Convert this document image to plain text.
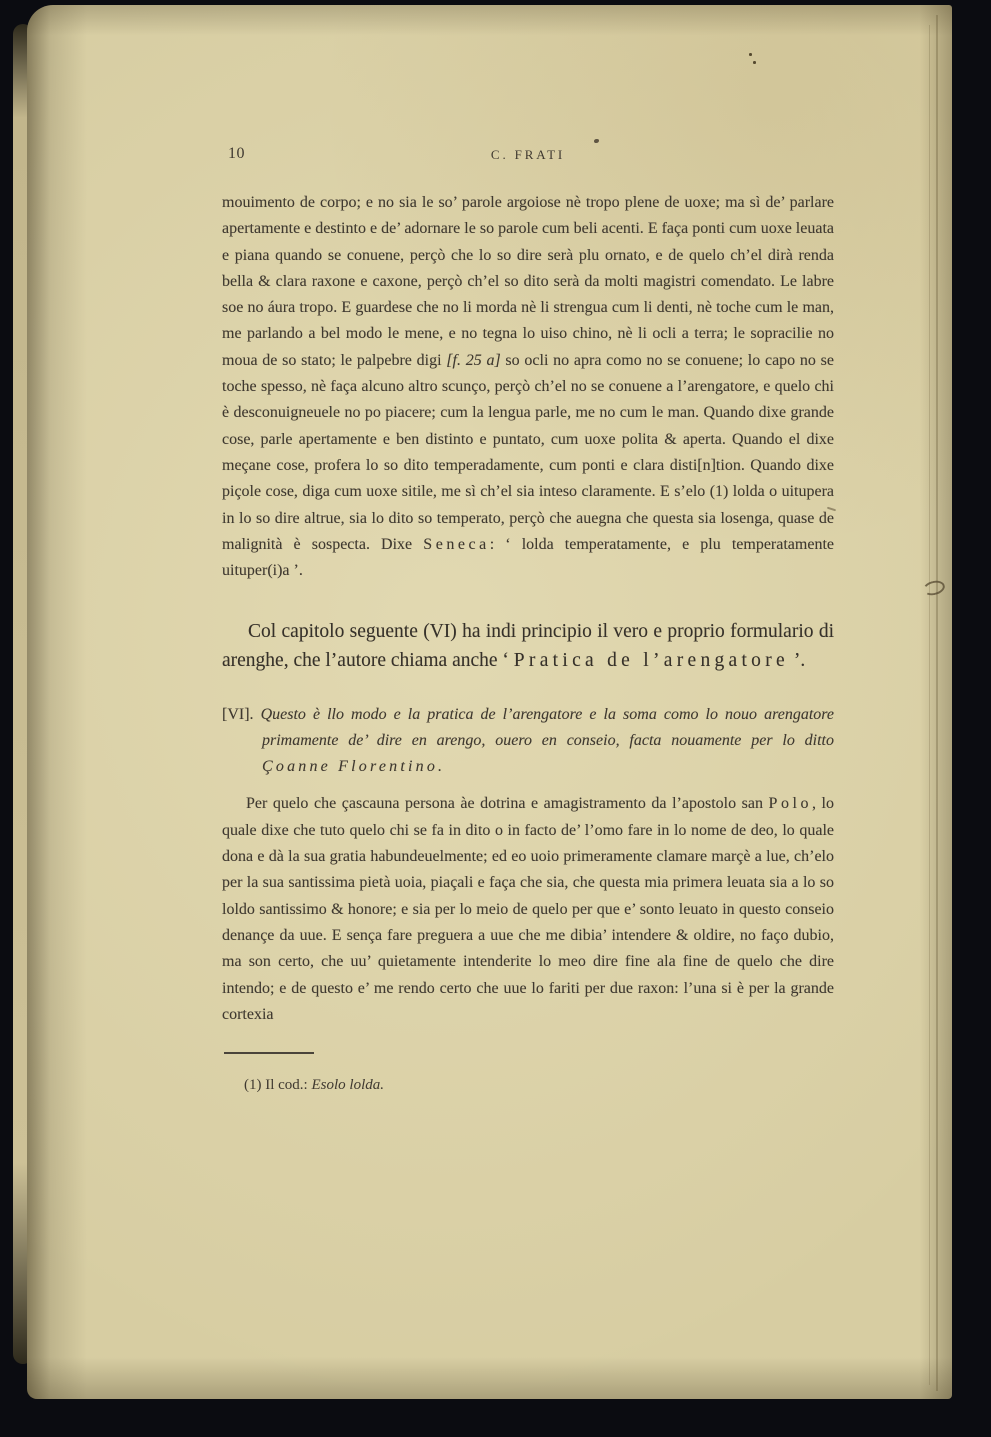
10	C. FRATI

mouimento de corpo; e no sia le so’ parole argoiose nè tropo plene de uoxe; ma sì de’ parlare apertamente e destinto e de’ adornare le so parole cum beli acenti. E faça ponti cum uoxe leuata e piana quando se conuene, perçò che lo so dire serà plu ornato, e de quelo ch’el dirà renda bella & clara raxone e caxone, perçò ch’el so dito serà da molti magistri comendato. Le labre soe no áura tropo. E guardese che no li morda nè li strengua cum li denti, nè toche cum le man, me parlando a bel modo le mene, e no tegna lo uiso chino, nè li ocli a terra; le sopracilie no moua de so stato; le palpebre digi [f. 25 a] so ocli no apra como no se conuene; lo capo no se toche spesso, nè faça alcuno altro scunço, perçò ch’el no se conuene a l’arengatore, e quelo chi è desconuigneuele no po piacere; cum la lengua parle, me no cum le man. Quando dixe grande cose, parle apertamente e ben distinto e puntato, cum uoxe polita & aperta. Quando el dixe meçane cose, profera lo so dito temperadamente, cum ponti e clara disti[n]tion. Quando dixe piçole cose, diga cum uoxe sitile, me sì ch’el sia inteso claramente. E s’elo (1) lolda o uitupera in lo so dire altrue, sia lo dito so temperato, perçò che auegna che questa sia losenga, quase de malignità è sospecta. Dixe Seneca: ‘ lolda temperatamente, e plu temperatamente uituper(i)a ’.

Col capitolo seguente (VI) ha indi principio il vero e proprio formulario di arenghe, che l’autore chiama anche ‘ Pratica de l’arengatore ’.

[VI]. Questo è llo modo e la pratica de l’arengatore e la soma como lo nouo arengatore primamente de’ dire en arengo, ouero en conseio, facta nouamente per lo ditto Çoanne Florentino.

Per quelo che çascauna persona àe dotrina e amagistramento da l’apostolo san Polo, lo quale dixe che tuto quelo chi se fa in dito o in facto de’ l’omo fare in lo nome de deo, lo quale dona e dà la sua gratia habundeuelmente; ed eo uoio primeramente clamare marçè a lue, ch’elo per la sua santissima pietà uoia, piaçali e faça che sia, che questa mia primera leuata sia a lo so loldo santissimo & honore; e sia per lo meio de quelo per que e’ sonto leuato in questo conseio denançe da uue. E sença fare preguera a uue che me dibia’ intendere & oldire, no faço dubio, ma son certo, che uu’ quietamente intenderite lo meo dire fine ala fine de quelo che dire intendo; e de questo e’ me rendo certo che uue lo fariti per due raxon: l’una si è per la grande cortexia

(1) Il cod.: Esolo lolda.
